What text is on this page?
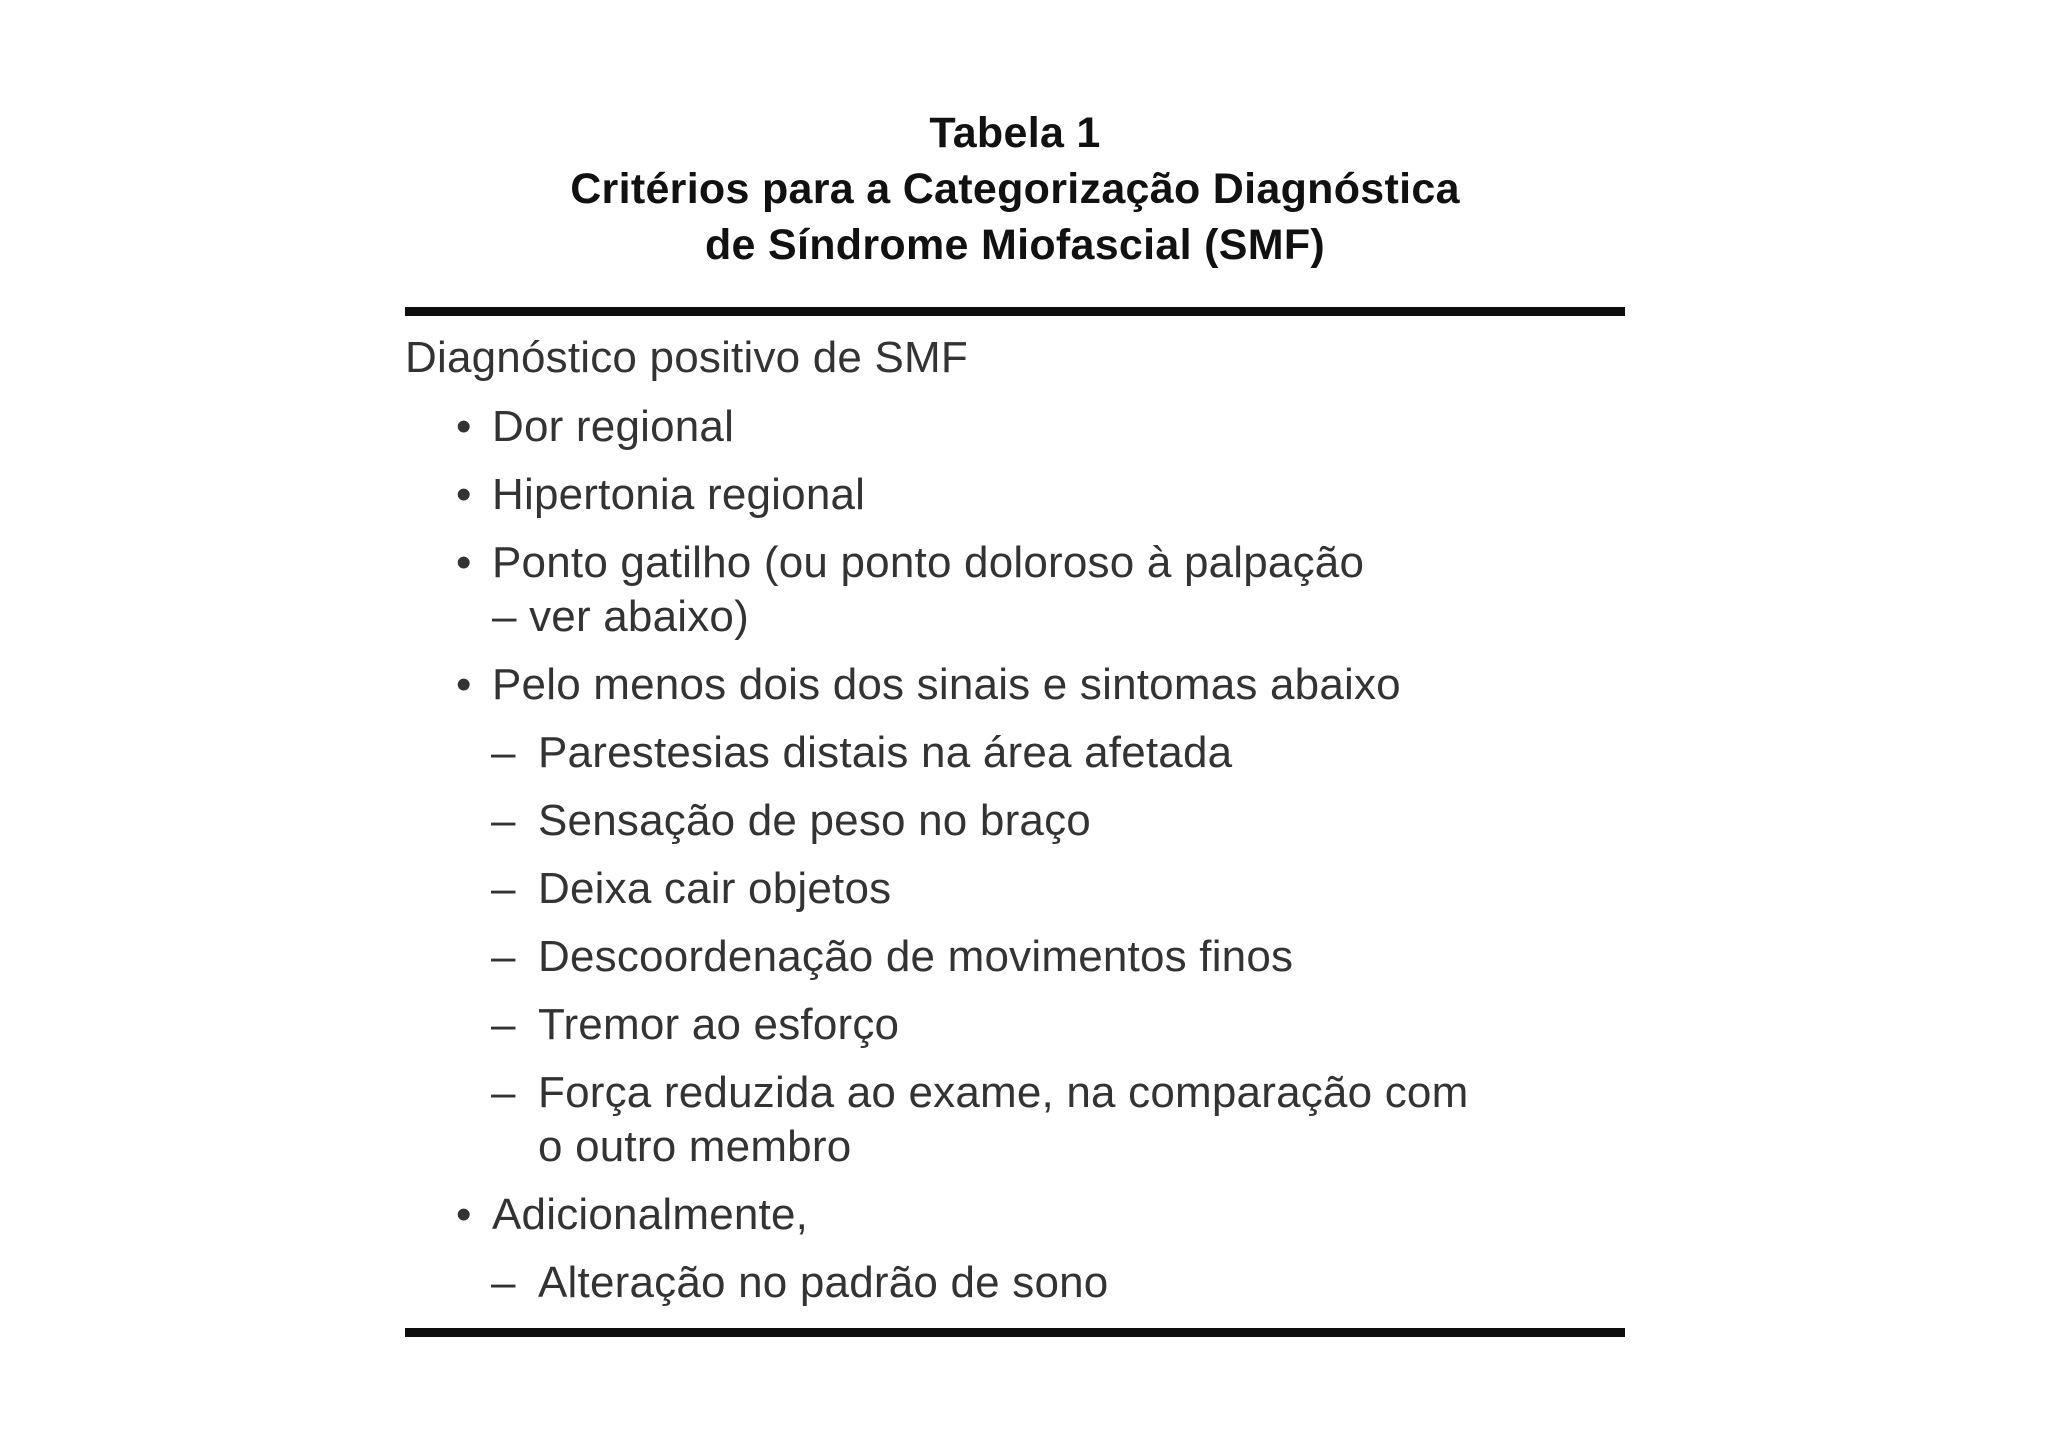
Tabela 1
Critérios para a Categorização Diagnóstica
de Síndrome Miofascial (SMF)
Diagnóstico positivo de SMF
• Dor regional
• Hipertonia regional
• Ponto gatilho (ou ponto doloroso à palpação
– ver abaixo)
• Pelo menos dois dos sinais e sintomas abaixo
– Parestesias distais na área afetada
– Sensação de peso no braço
– Deixa cair objetos
– Descoordenação de movimentos finos
– Tremor ao esforço
– Força reduzida ao exame, na comparação com
o outro membro
• Adicionalmente,
– Alteração no padrão de sono
